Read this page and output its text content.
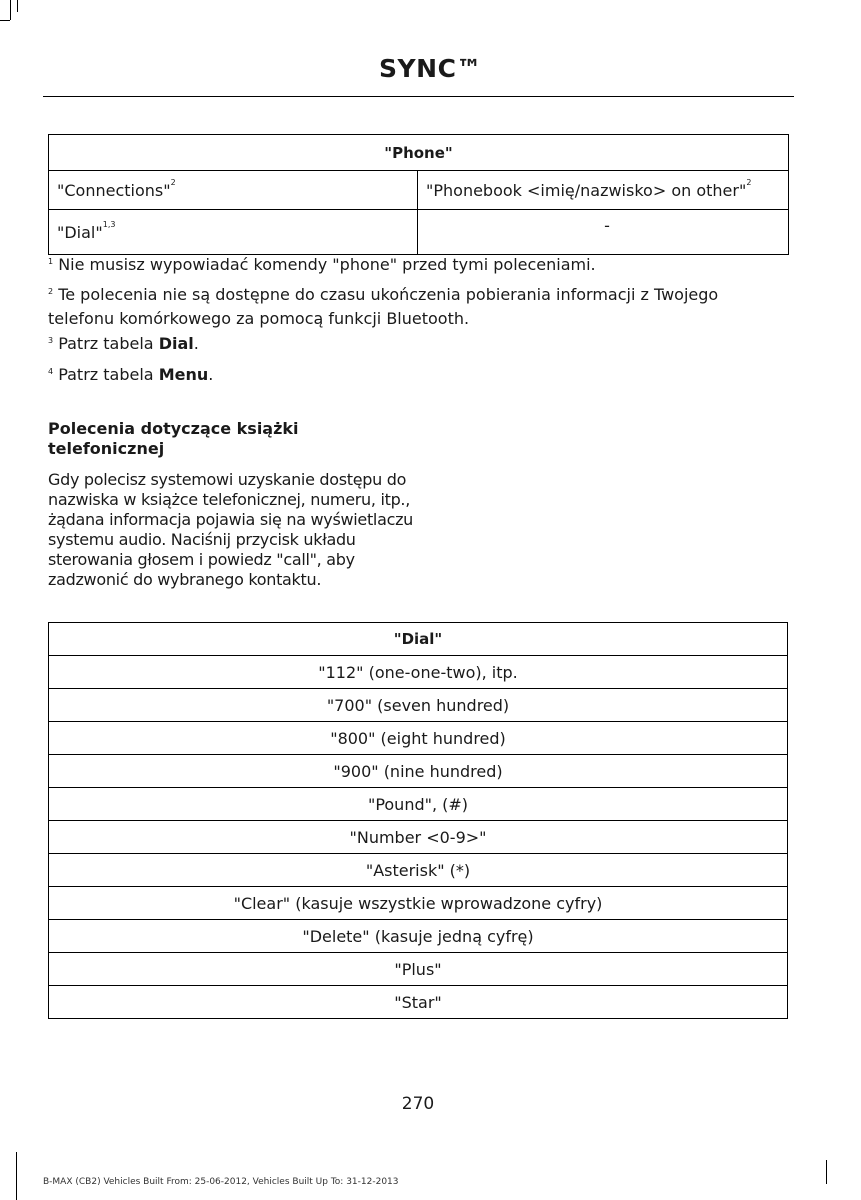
SYNC™
"Phone"	
"Connections"$^2$	"Phonebook <imię/nazwisko> on other"$^2$
"Dial"$^{1,3}$	-
$^1$ Nie musisz wypowiadać komendy "phone" przed tymi poleceniami.
$^2$ Te polecenia nie są dostępne do czasu ukończenia pobierania informacji z Twojego telefonu komórkowego za pomocą funkcji Bluetooth.
$^3$ Patrz tabela Dial.
$^4$ Patrz tabela Menu.
Polecenia dotyczące książki telefonicznej
Gdy polecisz systemowi uzyskanie dostępu do nazwiska w książce telefonicznej, numeru, itp., żądana informacja pojawia się na wyświetlaczu systemu audio. Naciśnij przycisk układu sterowania głosem i powiedz "call", aby zadzwonić do wybranego kontaktu.
"Dial"
"112" (one-one-two), itp.
"700" (seven hundred)
"800" (eight hundred)
"900" (nine hundred)
"Pound", (#)
"Number <0-9>"
"Asterisk" (*)
"Clear" (kasuje wszystkie wprowadzone cyfry)
"Delete" (kasuje jedną cyfrę)
"Plus"
"Star"
270
B-MAX (CB2) Vehicles Built From: 25-06-2012, Vehicles Built Up To: 31-12-2013
